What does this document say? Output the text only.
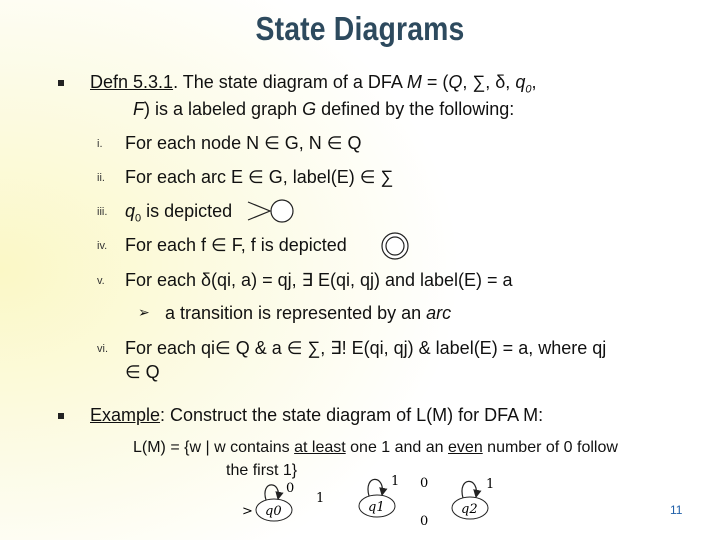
State Diagrams
Defn 5.3.1. The state diagram of a DFA M = (Q, ∑, δ, $q_0$,
F) is a labeled graph G defined by the following:
i.	For each node N ∈ G, N ∈ Q
ii.	For each arc E ∈ G, label(E) ∈ ∑
iii. $q_0$ is depicted
iv. For each f ∈ F, f is depicted
v.	For each δ(qi, a) = qj, ∃ E(qi, qj) and label(E) = a
➢ a transition is represented by an arc
vi. For each qi∈ Q & a ∈ ∑, ∃! E(qi, qj) & label(E) = a, where qj
∈ Q
Example: Construct the state diagram of L(M) for DFA M:
L(M) = {w | w contains at least one 1 and an even number of 0 follow
the first 1}
> q0
0
1
q1
1 0
0
q2
1
11
